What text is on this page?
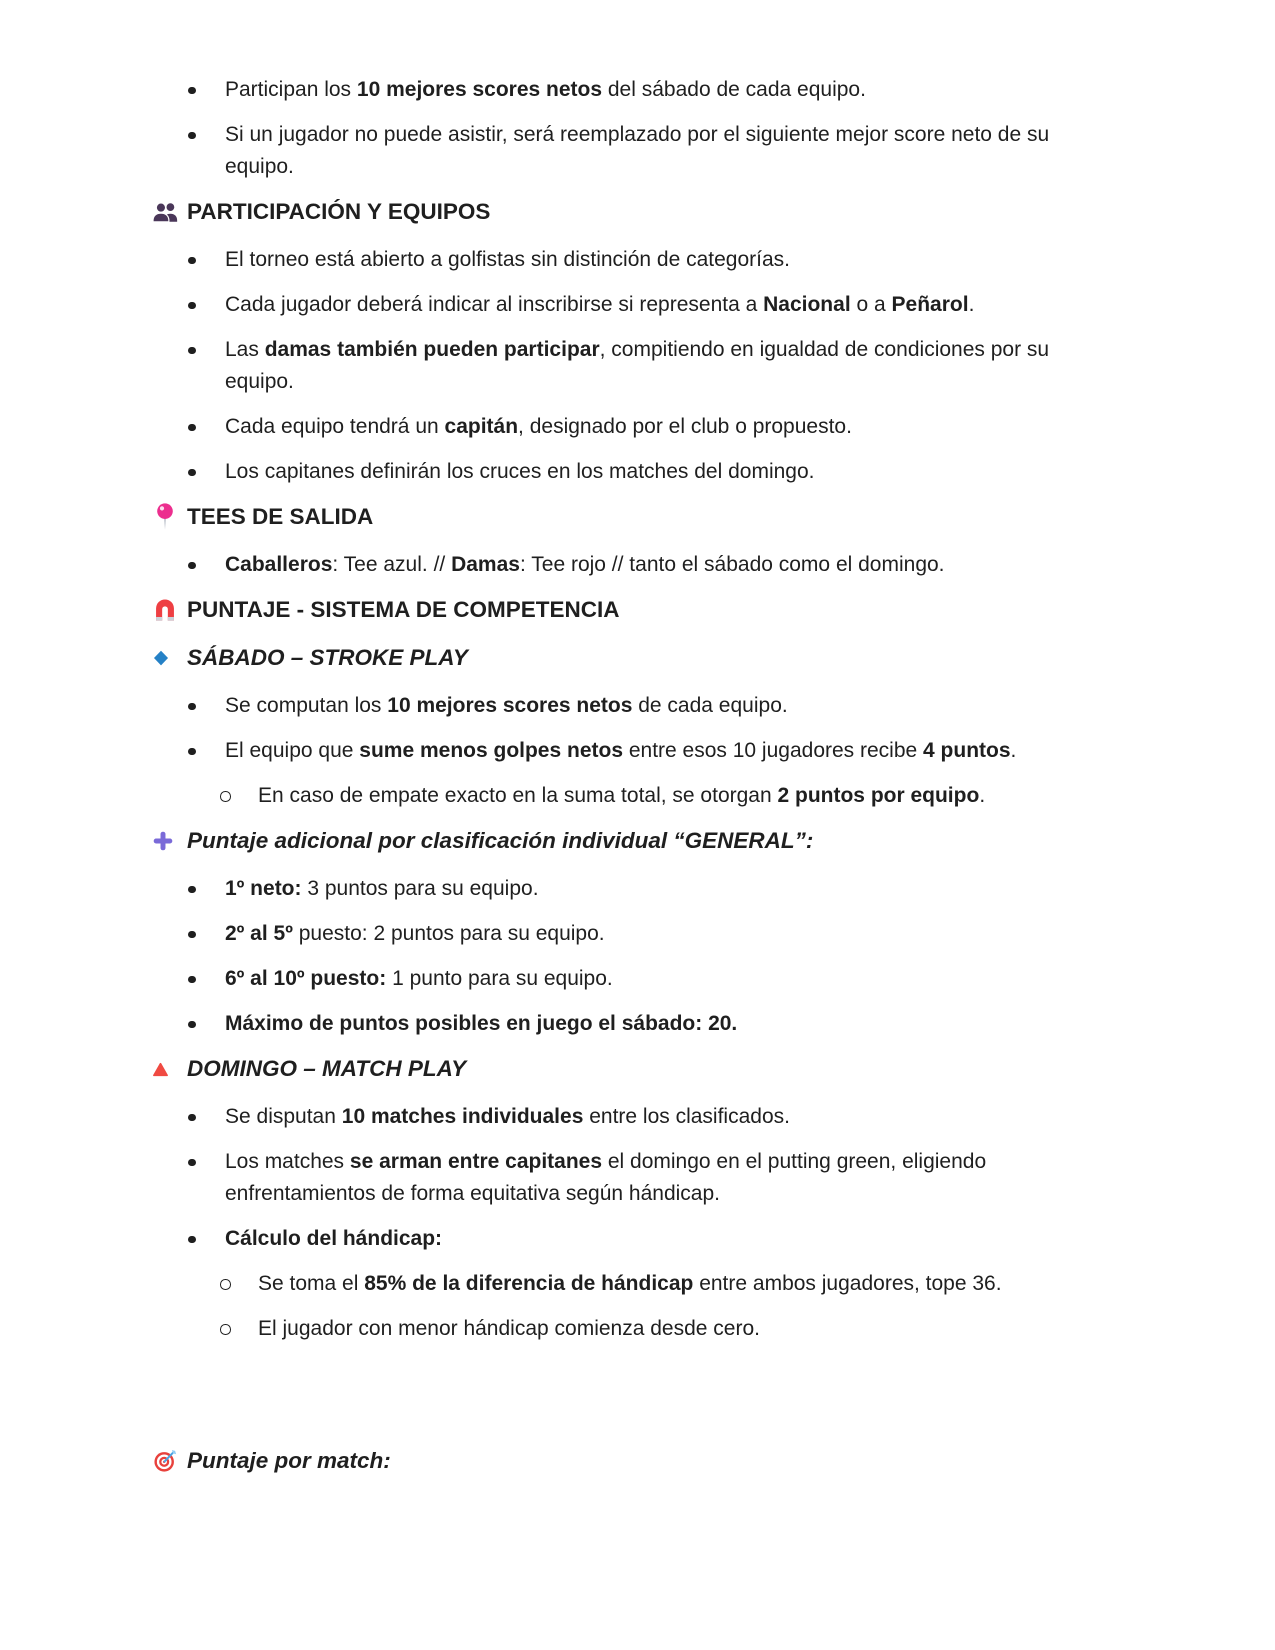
Participan los 10 mejores scores netos del sábado de cada equipo.

Si un jugador no puede asistir, será reemplazado por el siguiente mejor score neto de su equipo.

PARTICIPACIÓN Y EQUIPOS

El torneo está abierto a golfistas sin distinción de categorías.

Cada jugador deberá indicar al inscribirse si representa a Nacional o a Peñarol.

Las damas también pueden participar, compitiendo en igualdad de condiciones por su equipo.

Cada equipo tendrá un capitán, designado por el club o propuesto.

Los capitanes definirán los cruces en los matches del domingo.

TEES DE SALIDA

Caballeros: Tee azul. // Damas: Tee rojo // tanto el sábado como el domingo.

PUNTAJE - SISTEMA DE COMPETENCIA
SÁBADO – STROKE PLAY

Se computan los 10 mejores scores netos de cada equipo.

El equipo que sume menos golpes netos entre esos 10 jugadores recibe 4 puntos.

En caso de empate exacto en la suma total, se otorgan 2 puntos por equipo.

Puntaje adicional por clasificación individual “GENERAL”:

1º neto: 3 puntos para su equipo.

2º al 5º puesto: 2 puntos para su equipo.

6º al 10º puesto: 1 punto para su equipo.

Máximo de puntos posibles en juego el sábado: 20.

DOMINGO – MATCH PLAY

Se disputan 10 matches individuales entre los clasificados.

Los matches se arman entre capitanes el domingo en el putting green, eligiendo enfrentamientos de forma equitativa según hándicap.

Cálculo del hándicap:

Se toma el 85% de la diferencia de hándicap entre ambos jugadores, tope 36.

El jugador con menor hándicap comienza desde cero.

Puntaje por match:
